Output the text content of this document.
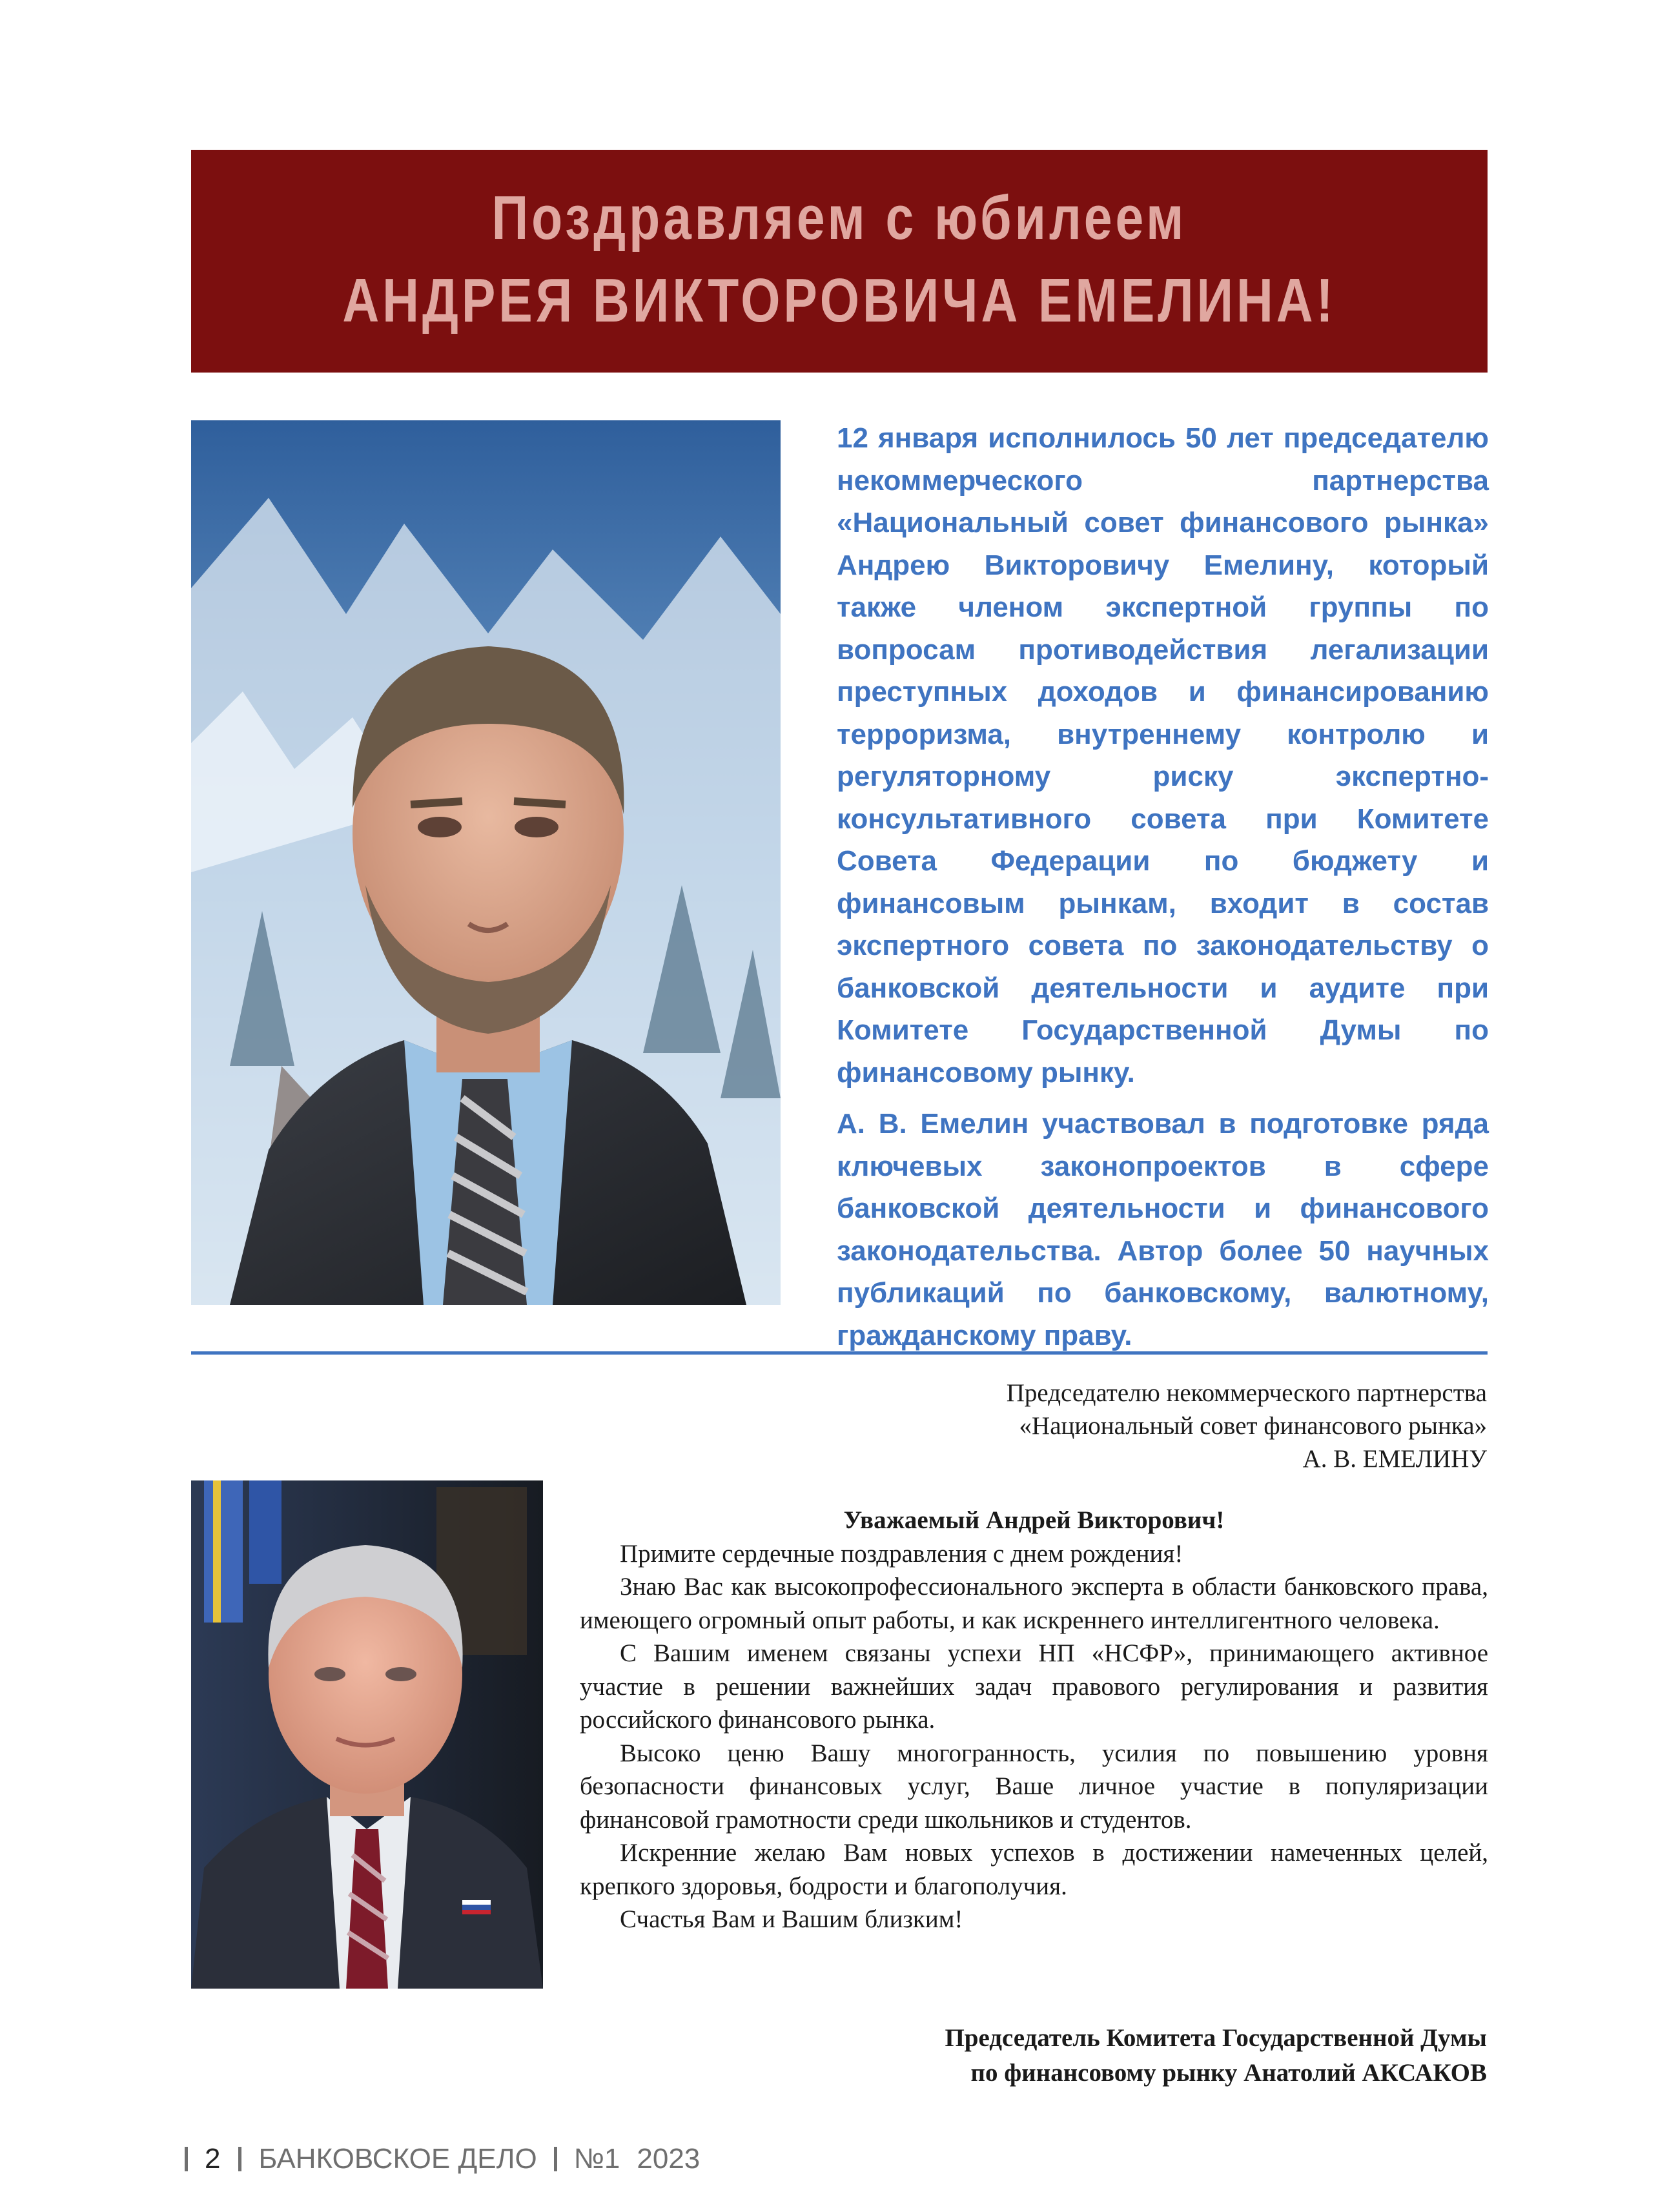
Поздравляем с юбилеем
АНДРЕЯ ВИКТОРОВИЧА ЕМЕЛИНА!

12 января исполнилось 50 лет председателю некоммерческого партнерства «Национальный совет финансового рынка» Андрею Викторовичу Емелину, который также членом экспертной группы по вопросам противодействия легализации преступных доходов и финансированию терроризма, внутреннему контролю и регуляторному риску экспертно-консультативного совета при Комитете Совета Федерации по бюджету и финансовым рынкам, входит в состав экспертного совета по законодательству о банковской деятельности и аудите при Комитете Государственной Думы по финансовому рынку.

А. В. Емелин участвовал в подготовке ряда ключевых законопроектов в сфере банковской деятельности и финансового законодательства. Автор более 50 научных публикаций по банковскому, валютному, гражданскому праву.

Председателю некоммерческого партнерства
«Национальный совет финансового рынка»
А. В. ЕМЕЛИНУ
Уважаемый Андрей Викторович!

Примите сердечные поздравления с днем рождения!

Знаю Вас как высокопрофессионального эксперта в области банковского права, имеющего огромный опыт работы, и как искреннего интеллигентного человека.

С Вашим именем связаны успехи НП «НСФР», принимающего активное участие в решении важнейших задач правового регулирования и развития российского финансового рынка.

Высоко ценю Вашу многогранность, усилия по повышению уровня безопасности финансовых услуг, Ваше личное участие в популяризации финансовой грамотности среди школьников и студентов.

Искренние желаю Вам новых успехов в достижении намеченных целей, крепкого здоровья, бодрости и благополучия.

Счастья Вам и Вашим близким!

Председатель Комитета Государственной Думы
по финансовому рынку Анатолий АКСАКОВ
2 БАНКОВСКОЕ ДЕЛО №1 2023
